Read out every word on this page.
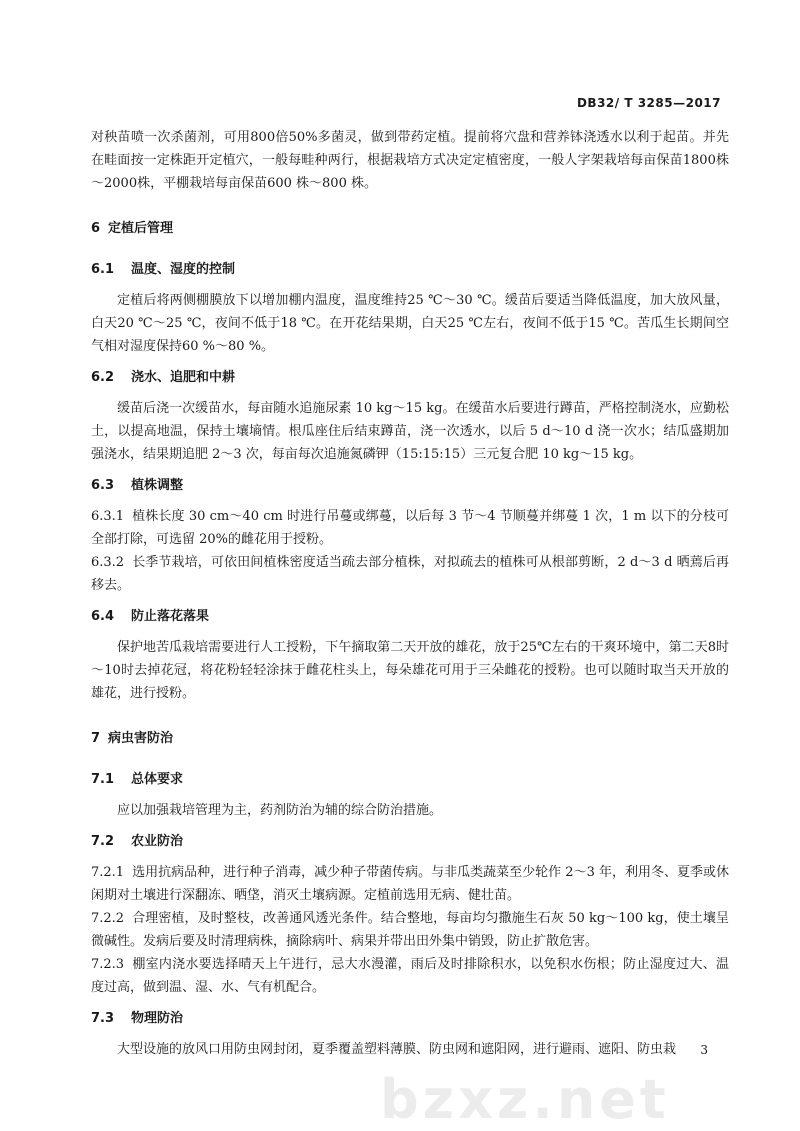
DB32/ T 3285—2017

对秧苗喷一次杀菌剂，可用800倍50%多菌灵，做到带药定植。提前将穴盘和营养钵浇透水以利于起苗。并先在畦面按一定株距开定植穴，一般每畦种两行，根据栽培方式决定定植密度，一般人字架栽培每亩保苗1800株～2000株，平棚栽培每亩保苗600 株～800 株。

6 定植后管理

6.1 温度、湿度的控制

定植后将两侧棚膜放下以增加棚内温度，温度维持25 ℃～30 ℃。缓苗后要适当降低温度，加大放风量，白天20 ℃～25 ℃，夜间不低于18 ℃。在开花结果期，白天25 ℃左右，夜间不低于15 ℃。苦瓜生长期间空气相对湿度保持60 %～80 %。

6.2 浇水、追肥和中耕

缓苗后浇一次缓苗水，每亩随水追施尿素 10 kg～15 kg。在缓苗水后要进行蹲苗，严格控制浇水，应勤松土，以提高地温，保持土壤墒情。根瓜座住后结束蹲苗，浇一次透水，以后 5 d～10 d 浇一次水；结瓜盛期加强浇水，结果期追肥 2～3 次，每亩每次追施氮磷钾（15:15:15）三元复合肥 10 kg～15 kg。

6.3 植株调整

6.3.1 植株长度 30 cm～40 cm 时进行吊蔓或绑蔓，以后每 3 节～4 节顺蔓并绑蔓 1 次，1 m 以下的分枝可全部打除，可选留 20%的雌花用于授粉。

6.3.2 长季节栽培，可依田间植株密度适当疏去部分植株，对拟疏去的植株可从根部剪断，2 d～3 d 晒蔫后再移去。

6.4 防止落花落果

保护地苦瓜栽培需要进行人工授粉，下午摘取第二天开放的雄花，放于25℃左右的干爽环境中，第二天8时～10时去掉花冠，将花粉轻轻涂抹于雌花柱头上，每朵雄花可用于三朵雌花的授粉。也可以随时取当天开放的雄花，进行授粉。

7 病虫害防治

7.1 总体要求

应以加强栽培管理为主，药剂防治为辅的综合防治措施。

7.2 农业防治

7.2.1 选用抗病品种，进行种子消毒，减少种子带菌传病。与非瓜类蔬菜至少轮作 2～3 年，利用冬、夏季或休闲期对土壤进行深翻冻、晒垡，消灭土壤病源。定植前选用无病、健壮苗。

7.2.2 合理密植，及时整枝，改善通风透光条件。结合整地，每亩均匀撒施生石灰 50 kg～100 kg，使土壤呈微碱性。发病后要及时清理病株，摘除病叶、病果并带出田外集中销毁，防止扩散危害。

7.2.3 棚室内浇水要选择晴天上午进行，忌大水漫灌，雨后及时排除积水，以免积水伤根；防止湿度过大、温度过高，做到温、湿、水、气有机配合。

7.3 物理防治

大型设施的放风口用防虫网封闭，夏季覆盖塑料薄膜、防虫网和遮阳网，进行避雨、遮阳、防虫栽

bzxz.net
3
